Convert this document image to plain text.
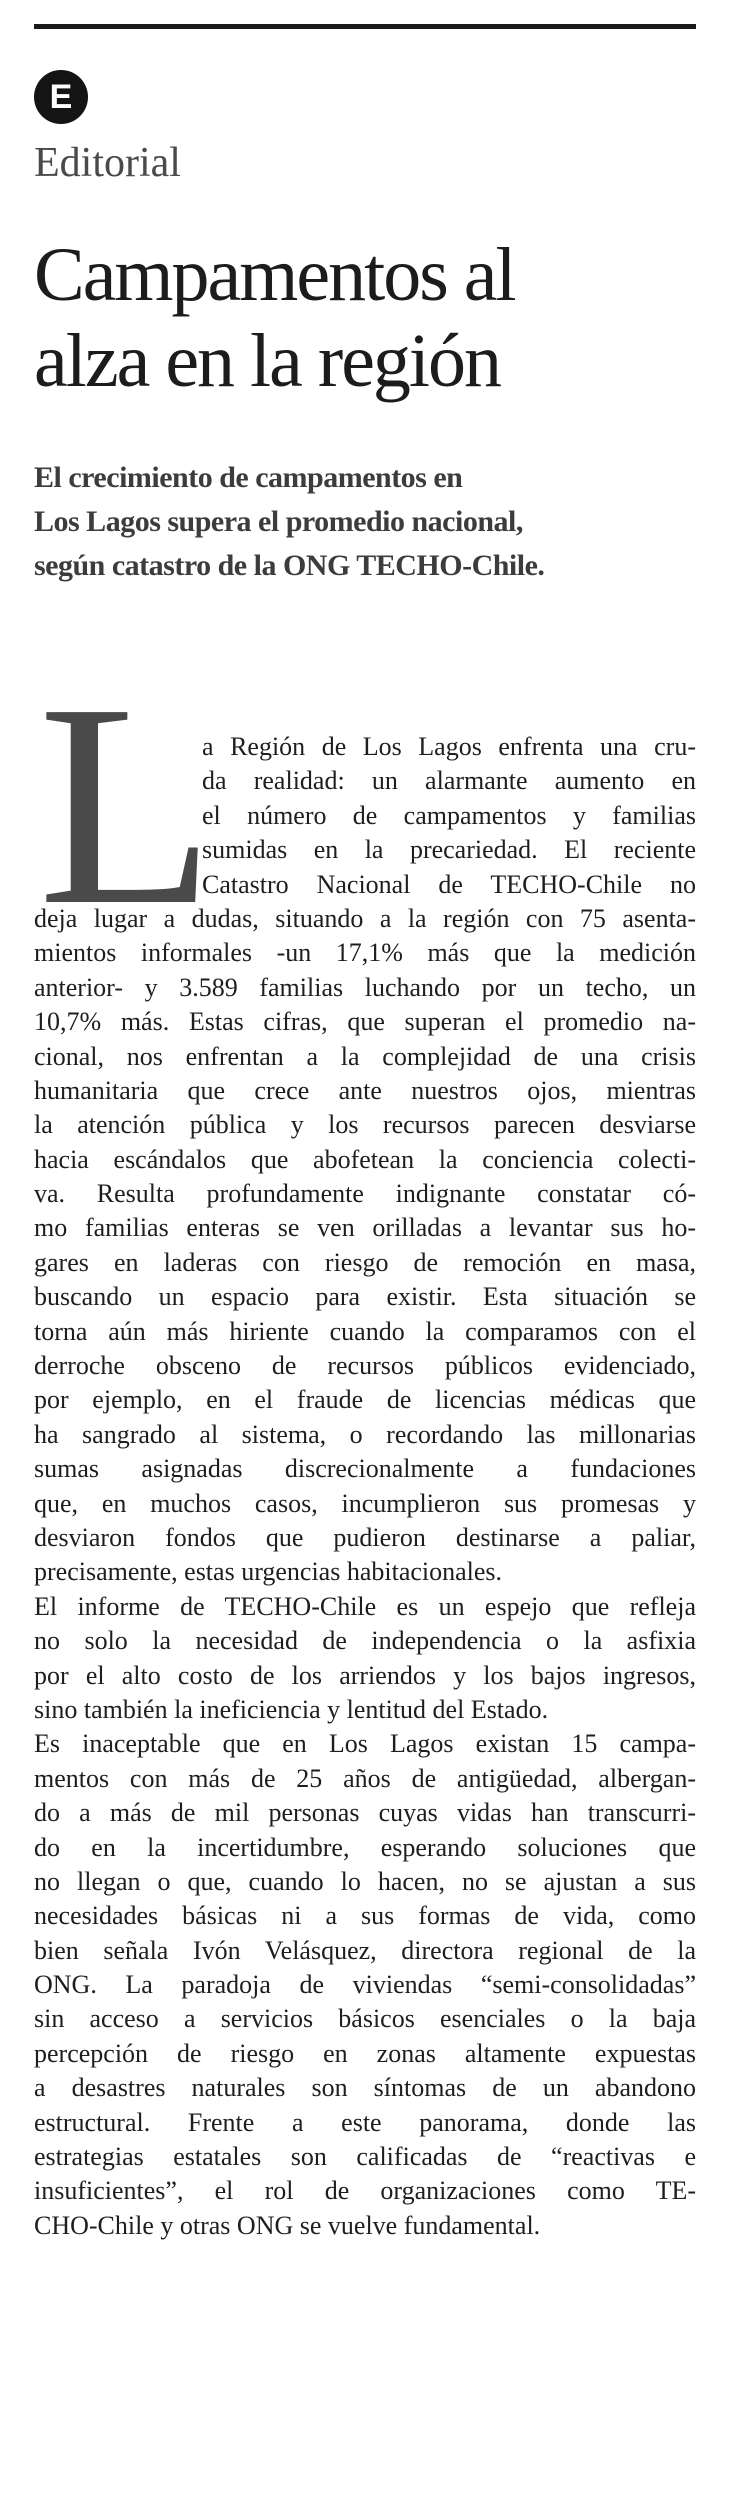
E
Editorial
Campamentos al
alza en la región
El crecimiento de campamentos en
Los Lagos supera el promedio nacional,
según catastro de la ONG TECHO-Chile.
L
a Región de Los Lagos enfrenta una cru-
da realidad: un alarmante aumento en
el número de campamentos y familias
sumidas en la precariedad. El reciente
Catastro Nacional de TECHO-Chile no
deja lugar a dudas, situando a la región con 75 asenta-
mientos informales -un 17,1% más que la medición
anterior- y 3.589 familias luchando por un techo, un
10,7% más. Estas cifras, que superan el promedio na-
cional, nos enfrentan a la complejidad de una crisis
humanitaria que crece ante nuestros ojos, mientras
la atención pública y los recursos parecen desviarse
hacia escándalos que abofetean la conciencia colecti-
va. Resulta profundamente indignante constatar có-
mo familias enteras se ven orilladas a levantar sus ho-
gares en laderas con riesgo de remoción en masa,
buscando un espacio para existir. Esta situación se
torna aún más hiriente cuando la comparamos con el
derroche obsceno de recursos públicos evidenciado,
por ejemplo, en el fraude de licencias médicas que
ha sangrado al sistema, o recordando las millonarias
sumas asignadas discrecionalmente a fundaciones
que, en muchos casos, incumplieron sus promesas y
desviaron fondos que pudieron destinarse a paliar,
precisamente, estas urgencias habitacionales.
El informe de TECHO-Chile es un espejo que refleja
no solo la necesidad de independencia o la asfixia
por el alto costo de los arriendos y los bajos ingresos,
sino también la ineficiencia y lentitud del Estado.
Es inaceptable que en Los Lagos existan 15 campa-
mentos con más de 25 años de antigüedad, albergan-
do a más de mil personas cuyas vidas han transcurri-
do en la incertidumbre, esperando soluciones que
no llegan o que, cuando lo hacen, no se ajustan a sus
necesidades básicas ni a sus formas de vida, como
bien señala Ivón Velásquez, directora regional de la
ONG. La paradoja de viviendas “semi-consolidadas”
sin acceso a servicios básicos esenciales o la baja
percepción de riesgo en zonas altamente expuestas
a desastres naturales son síntomas de un abandono
estructural. Frente a este panorama, donde las
estrategias estatales son calificadas de “reactivas e
insuficientes”, el rol de organizaciones como TE-
CHO-Chile y otras ONG se vuelve fundamental.
